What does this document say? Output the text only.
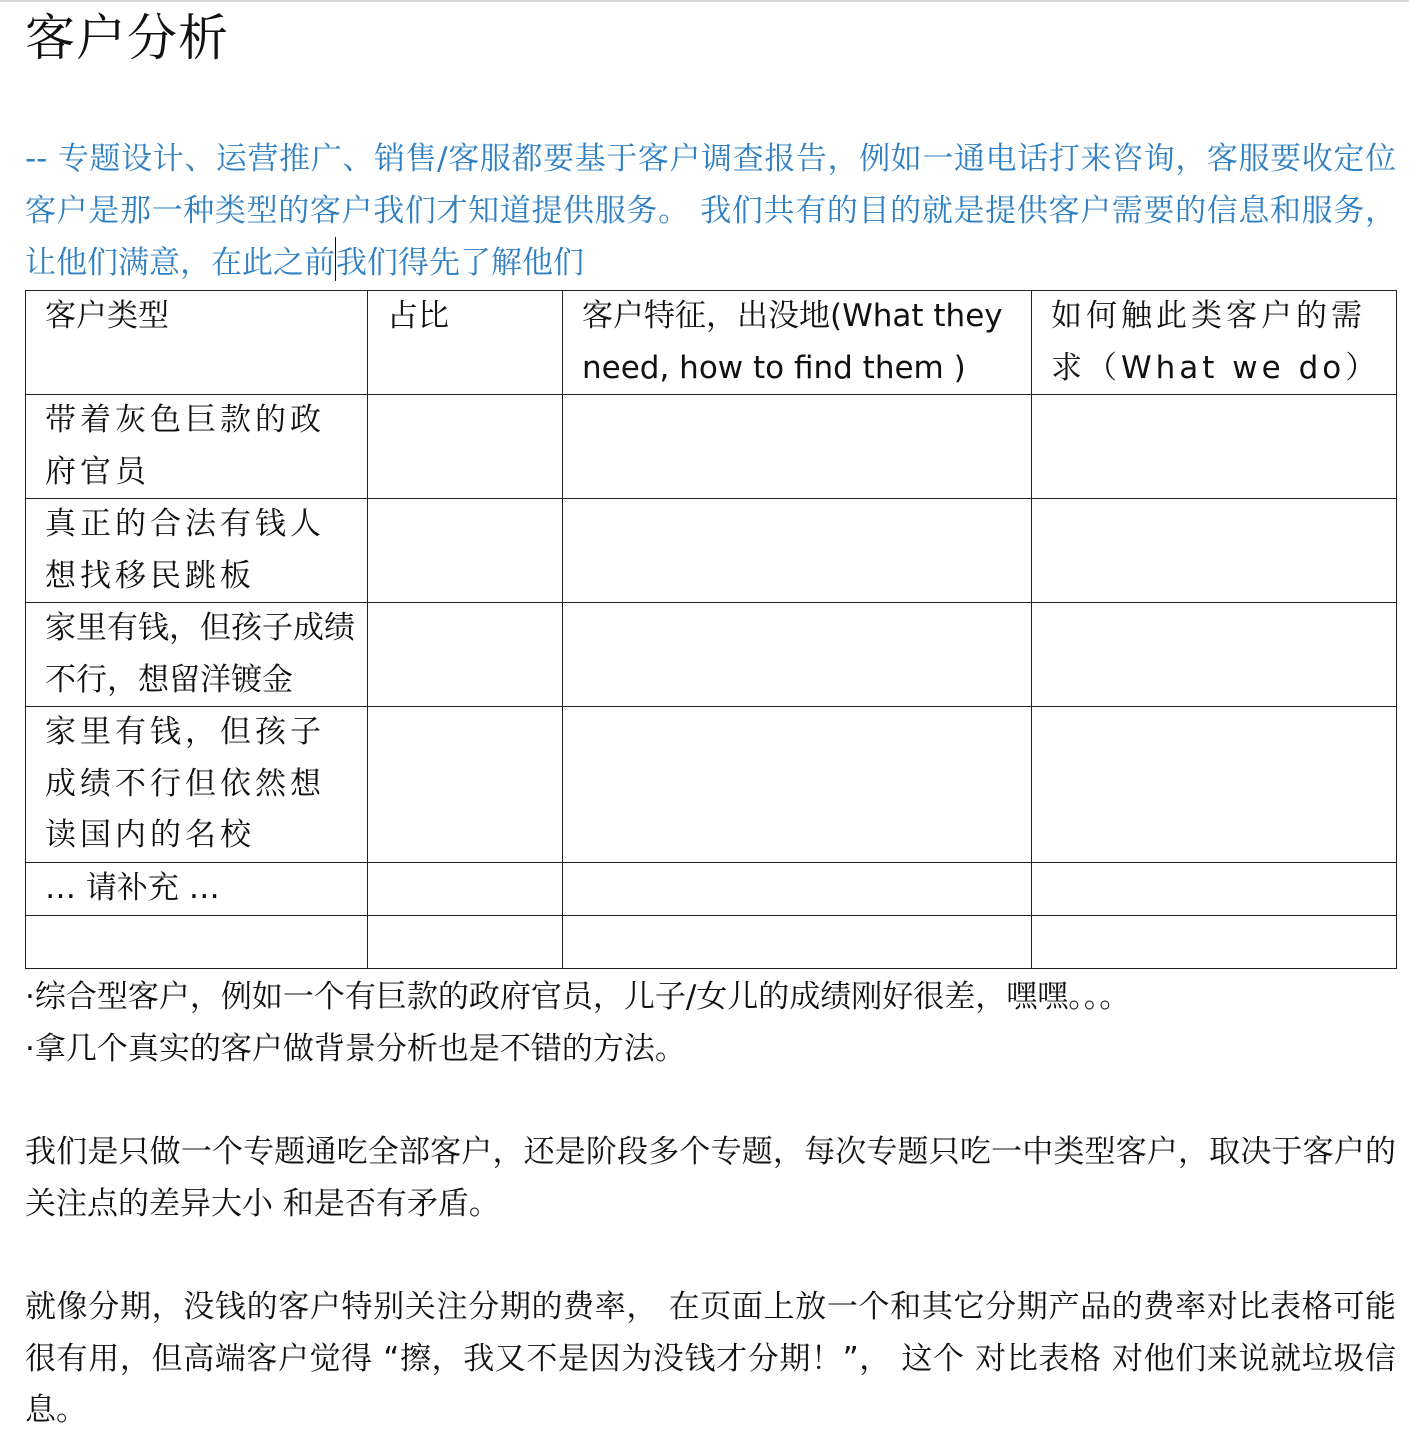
客户分析

-- 专题设计、运营推广、销售/客服都要基于客户调查报告，例如一通电话打来咨询，客服要收定位客户是那一种类型的客户我们才知道提供服务。 我们共有的目的就是提供客户需要的信息和服务，让他们满意，在此之前我们得先了解他们

客户类型	占比	客户特征，出没地(What they need, how to find them )	如何触此类客户的需求（What we do）
带着灰色巨款的政府官员			
真正的合法有钱人想找移民跳板			
家里有钱，但孩子成绩不行，想留洋镀金			
家里有钱，但孩子成绩不行但依然想读国内的名校			
… 请补充 …			

·综合型客户，例如一个有巨款的政府官员，儿子/女儿的成绩刚好很差，嘿嘿。。。

·拿几个真实的客户做背景分析也是不错的方法。

我们是只做一个专题通吃全部客户，还是阶段多个专题，每次专题只吃一中类型客户，取决于客户的关注点的差异大小 和是否有矛盾。

就像分期，没钱的客户特别关注分期的费率， 在页面上放一个和其它分期产品的费率对比表格可能很有用，但高端客户觉得 “擦，我又不是因为没钱才分期！”， 这个 对比表格 对他们来说就垃圾信息。
